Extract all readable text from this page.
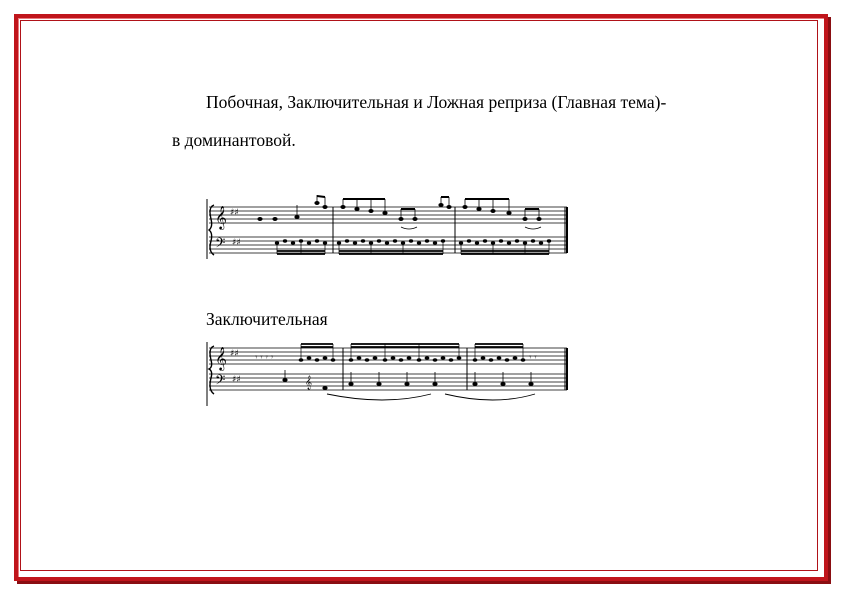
Побочная, Заключительная и Ложная реприза (Главная тема)-
в доминантовой.
𝄞
𝄢
♯♯
♯♯
Заключительная
𝄞
𝄢
♯♯
♯♯
𝄾 𝄾 𝄾 𝄾	𝄾 𝄾
𝄞
